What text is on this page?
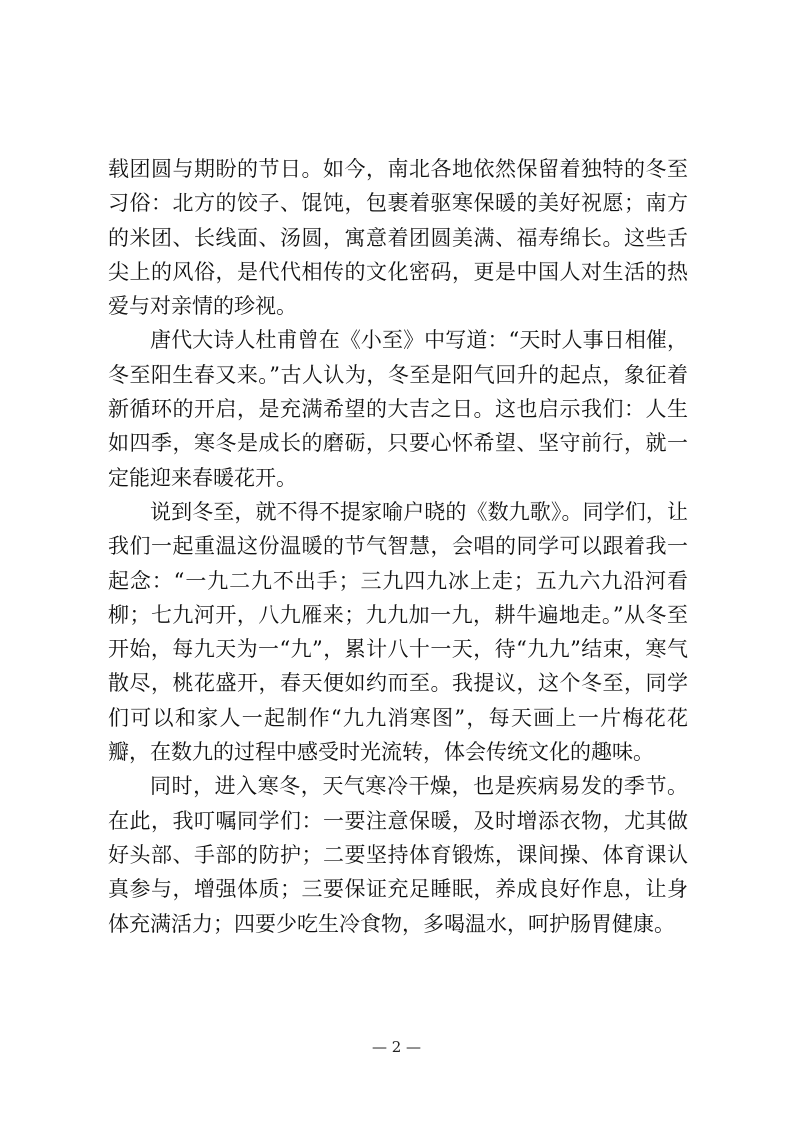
载团圆与期盼的节日。如今，南北各地依然保留着独特的冬至习俗：北方的饺子、馄饨，包裹着驱寒保暖的美好祝愿；南方的米团、长线面、汤圆，寓意着团圆美满、福寿绵长。这些舌尖上的风俗，是代代相传的文化密码，更是中国人对生活的热爱与对亲情的珍视。

唐代大诗人杜甫曾在《小至》中写道：“天时人事日相催，冬至阳生春又来。”古人认为，冬至是阳气回升的起点，象征着新循环的开启，是充满希望的大吉之日。这也启示我们：人生如四季，寒冬是成长的磨砺，只要心怀希望、坚守前行，就一定能迎来春暖花开。

说到冬至，就不得不提家喻户晓的《数九歌》。同学们，让我们一起重温这份温暖的节气智慧，会唱的同学可以跟着我一起念：“一九二九不出手；三九四九冰上走；五九六九沿河看柳；七九河开，八九雁来；九九加一九，耕牛遍地走。”从冬至开始，每九天为一“九”，累计八十一天，待“九九”结束，寒气散尽，桃花盛开，春天便如约而至。我提议，这个冬至，同学们可以和家人一起制作“九九消寒图”，每天画上一片梅花花瓣，在数九的过程中感受时光流转，体会传统文化的趣味。

同时，进入寒冬，天气寒冷干燥，也是疾病易发的季节。在此，我叮嘱同学们：一要注意保暖，及时增添衣物，尤其做好头部、手部的防护；二要坚持体育锻炼，课间操、体育课认真参与，增强体质；三要保证充足睡眠，养成良好作息，让身体充满活力；四要少吃生冷食物，多喝温水，呵护肠胃健康。

— 2 —
